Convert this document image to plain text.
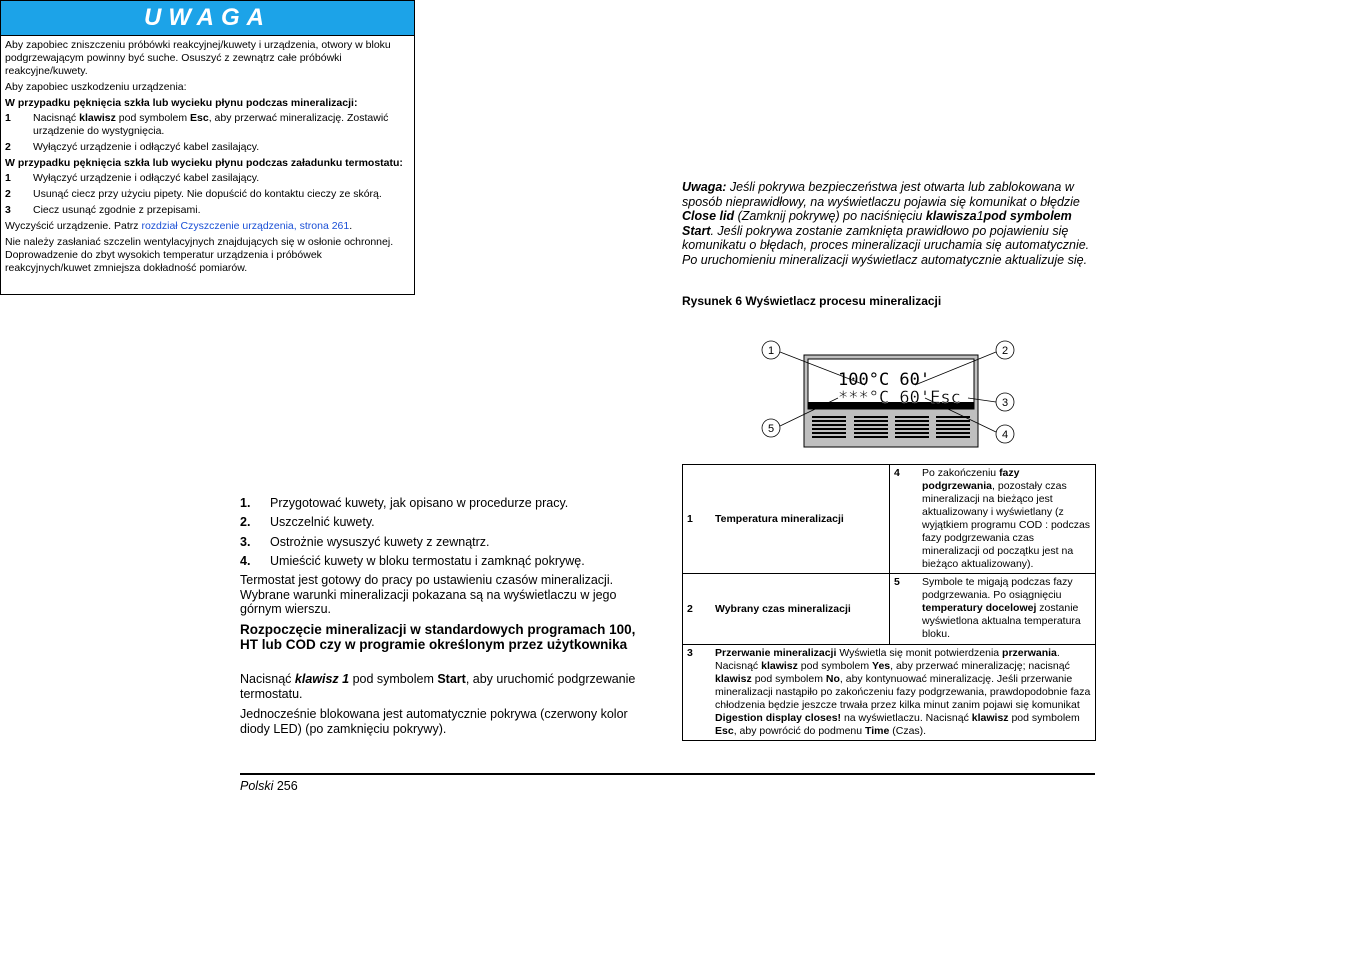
UWAGA

Aby zapobiec zniszczeniu próbówki reakcyjnej/kuwety i urządzenia, otwory w bloku podgrzewającym powinny być suche. Osuszyć z zewnątrz całe próbówki reakcyjne/kuwety.

Aby zapobiec uszkodzeniu urządzenia:

W przypadku pęknięcia szkła lub wycieku płynu podczas mineralizacji:

1	Nacisnąć klawisz pod symbolem Esc, aby przerwać mineralizację. Zostawić urządzenie do wystygnięcia.
2	Wyłączyć urządzenie i odłączyć kabel zasilający.

W przypadku pęknięcia szkła lub wycieku płynu podczas załadunku termostatu:

1	Wyłączyć urządzenie i odłączyć kabel zasilający.
2	Usunąć ciecz przy użyciu pipety. Nie dopuścić do kontaktu cieczy ze skórą.
3	Ciecz usunąć zgodnie z przepisami.

Wyczyścić urządzenie. Patrz rozdział Czyszczenie urządzenia, strona 261.

Nie należy zasłaniać szczelin wentylacyjnych znajdujących się w osłonie ochronnej. Doprowadzenie do zbyt wysokich temperatur urządzenia i próbówek reakcyjnych/kuwet zmniejsza dokładność pomiarów.

1.	Przygotować kuwety, jak opisano w procedurze pracy.
2.	Uszczelnić kuwety.
3.	Ostrożnie wysuszyć kuwety z zewnątrz.
4.	Umieścić kuwety w bloku termostatu i zamknąć pokrywę.
Termostat jest gotowy do pracy po ustawieniu czasów mineralizacji. Wybrane warunki mineralizacji pokazana są na wyświetlaczu w jego górnym wierszu.
Rozpoczęcie mineralizacji w standardowych programach 100, HT lub COD czy w programie określonym przez użytkownika
Nacisnąć klawisz 1 pod symbolem Start, aby uruchomić podgrzewanie termostatu.
Jednocześnie blokowana jest automatycznie pokrywa (czerwony kolor diody LED) (po zamknięciu pokrywy).
Uwaga: Jeśli pokrywa bezpieczeństwa jest otwarta lub zablokowana w sposób nieprawidłowy, na wyświetlaczu pojawia się komunikat o błędzie Close lid (Zamknij pokrywę) po naciśnięciu klawisza1pod symbolem Start. Jeśli pokrywa zostanie zamknięta prawidłowo po pojawieniu się komunikatu o błędach, proces mineralizacji uruchamia się automatycznie. Po uruchomieniu mineralizacji wyświetlacz automatycznie aktualizuje się.
Rysunek 6 Wyświetlacz procesu mineralizacji
100°C 60'
***°C 60'Esc
1	2
3
4
5
1 Temperatura mineralizacji	4 Po zakończeniu fazy podgrzewania, pozostały czas mineralizacji na bieżąco jest aktualizowany i wyświetlany (z wyjątkiem programu COD : podczas fazy podgrzewania czas mineralizacji od początku jest na bieżąco aktualizowany).

2 Wybrany czas mineralizacji	5 Symbole te migają podczas fazy podgrzewania. Po osiągnięciu temperatury docelowej zostanie wyświetlona aktualna temperatura bloku.

3 Przerwanie mineralizacji Wyświetla się monit potwierdzenia przerwania. Nacisnąć klawisz pod symbolem Yes, aby przerwać mineralizację; nacisnąć klawisz pod symbolem No, aby kontynuować mineralizację. Jeśli przerwanie mineralizacji nastąpiło po zakończeniu fazy podgrzewania, prawdopodobnie faza chłodzenia będzie jeszcze trwała przez kilka minut zanim pojawi się komunikat Digestion display closes! na wyświetlaczu. Nacisnąć klawisz pod symbolem Esc, aby powrócić do podmenu Time (Czas).	
Polski 256
